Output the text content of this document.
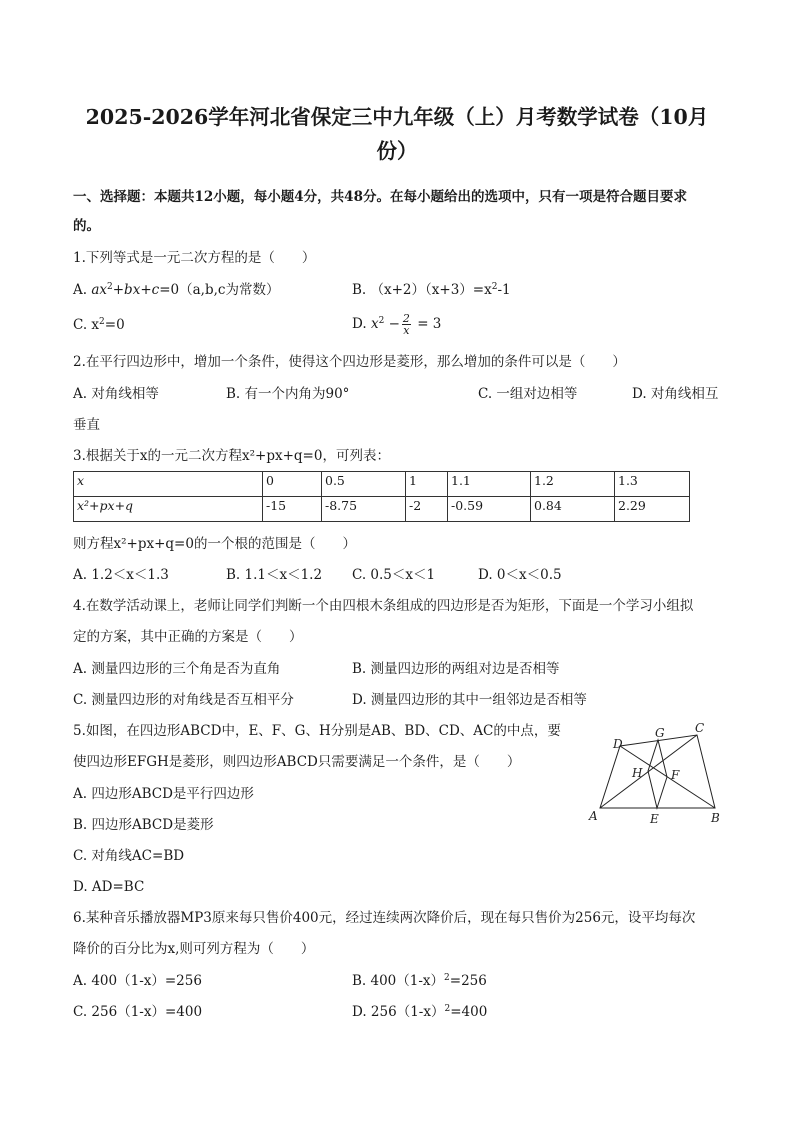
2025-2026学年河北省保定三中九年级（上）月考数学试卷（10月
份）
一、选择题：本题共12小题，每小题4分，共48分。在每小题给出的选项中，只有一项是符合题目要求
的。
1.下列等式是一元二次方程的是（　　）
A. $ax^2+bx+c=0(a,b,c$为常数）	B. $(x+2)(x+3)=x^2-1$
C. $x^2=0$	D. $x^2 - \frac{2}{x} = 3$
2.在平行四边形中，增加一个条件，使得这个四边形是菱形，那么增加的条件可以是（　　）
A. 对角线相等	B. 有一个内角为90°	C. 一组对边相等	D. 对角线相互
垂直
3.根据关于x的一元二次方程x²+px+q=0，可列表：
x	0	0.5	1	1.1	1.2	1.3
x²+px+q	-15	-8.75	-2	-0.59	0.84	2.29
则方程x²+px+q=0的一个根的范围是（　　）
A. 1.2＜x＜1.3	B. 1.1＜x＜1.2 C. 0.5＜x＜1	D. 0＜x＜0.5
4.在数学活动课上，老师让同学们判断一个由四根木条组成的四边形是否为矩形，下面是一个学习小组拟
定的方案，其中正确的方案是（　　）
A. 测量四边形的三个角是否为直角	B. 测量四边形的两组对边是否相等
C. 测量四边形的对角线是否互相平分	D. 测量四边形的其中一组邻边是否相等
5.如图，在四边形ABCD中，E、F、G、H分别是AB、BD、CD、AC的中点，要
使四边形EFGH是菱形，则四边形ABCD只需要满足一个条件，是（　　）
A. 四边形ABCD是平行四边形
B. 四边形ABCD是菱形
C. 对角线AC=BD
D. AD=BC
A	B
C
D
E
F
G
H
6.某种音乐播放器MP3原来每只售价400元，经过连续两次降价后，现在每只售价为256元，设平均每次
降价的百分比为x,则可列方程为（　　）
A. 400（1-x）=256	B. $400(1-x)^2=256$
C. 256（1-x）=400	D. $256(1-x)^2=400$
